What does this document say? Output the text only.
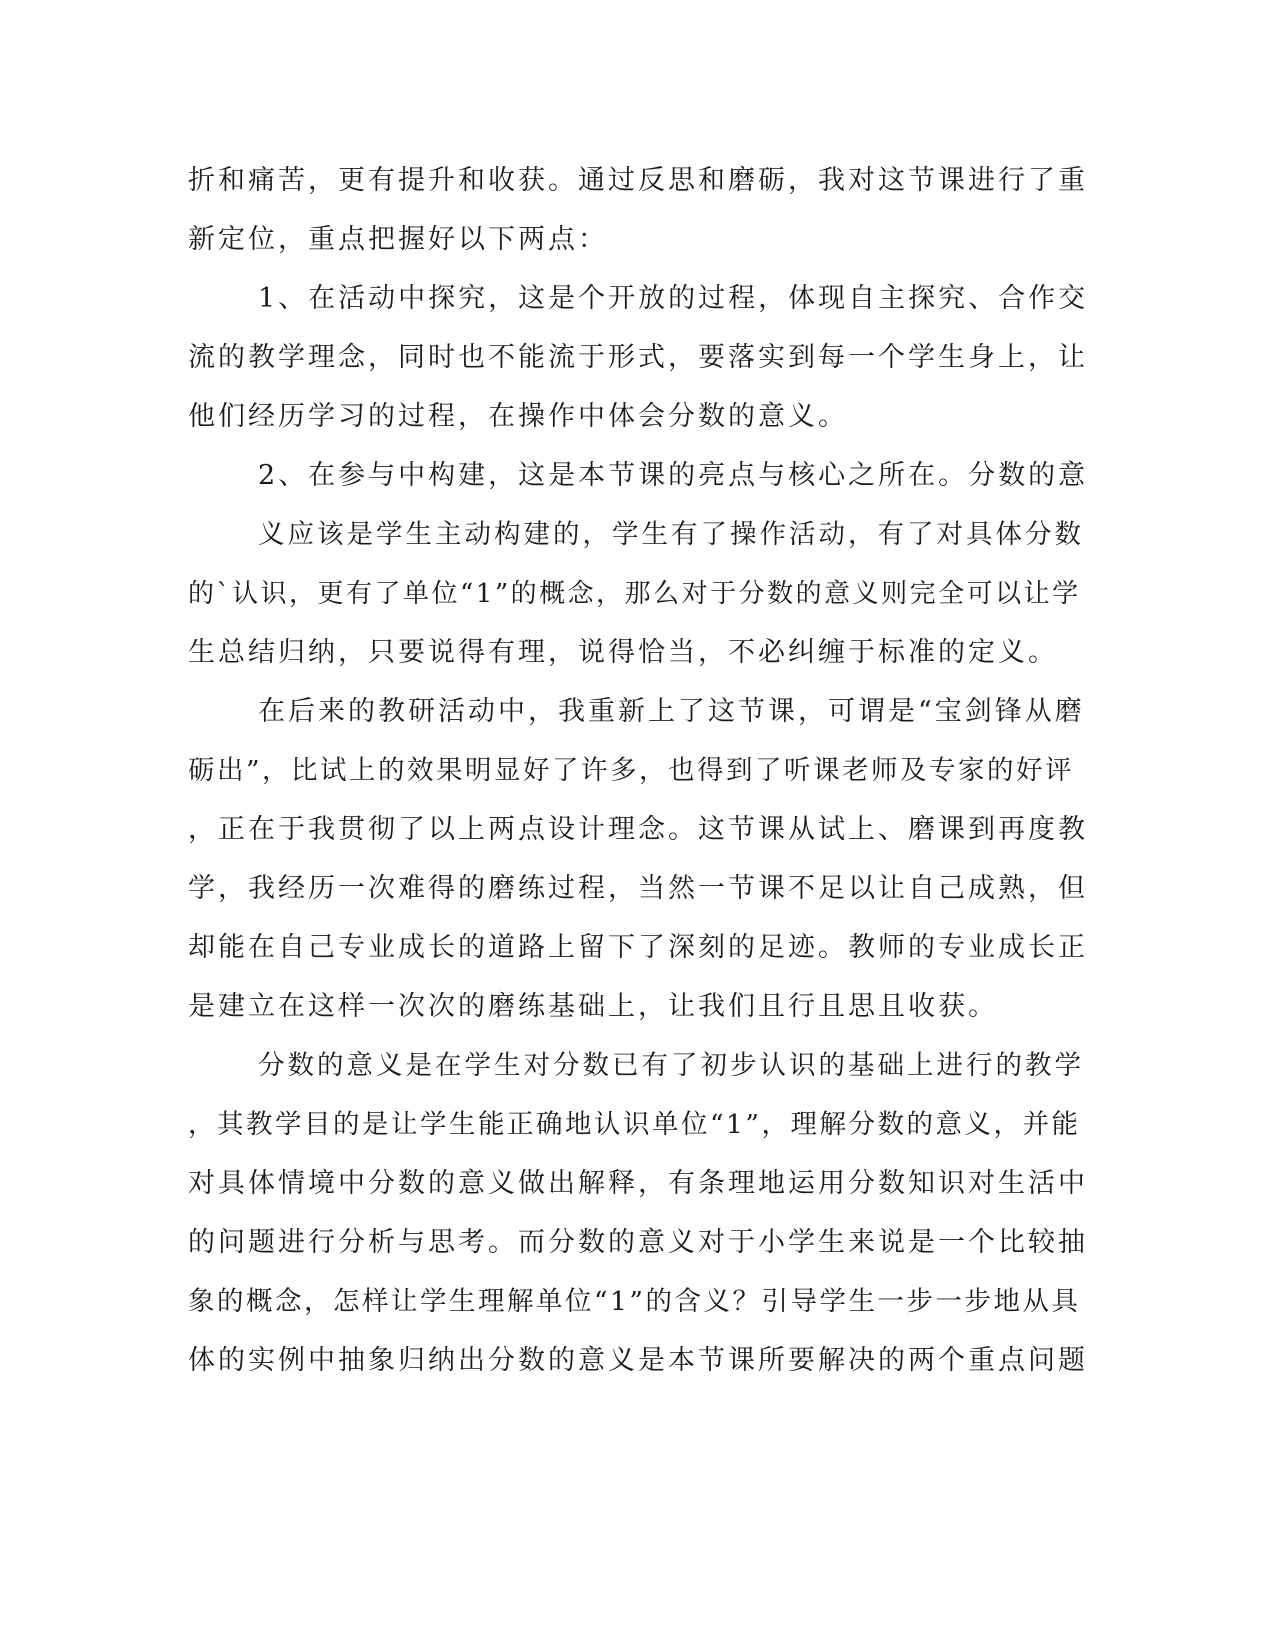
折和痛苦，更有提升和收获。通过反思和磨砺，我对这节课进行了重
新定位，重点把握好以下两点：
1、在活动中探究，这是个开放的过程，体现自主探究、合作交
流的教学理念，同时也不能流于形式，要落实到每一个学生身上，让
他们经历学习的过程，在操作中体会分数的意义。
2、在参与中构建，这是本节课的亮点与核心之所在。分数的意
义应该是学生主动构建的，学生有了操作活动，有了对具体分数
的`认识，更有了单位“1”的概念，那么对于分数的意义则完全可以让学
生总结归纳，只要说得有理，说得恰当，不必纠缠于标准的定义。
在后来的教研活动中，我重新上了这节课，可谓是“宝剑锋从磨
砺出”，比试上的效果明显好了许多，也得到了听课老师及专家的好评
，正在于我贯彻了以上两点设计理念。这节课从试上、磨课到再度教
学，我经历一次难得的磨练过程，当然一节课不足以让自己成熟，但
却能在自己专业成长的道路上留下了深刻的足迹。教师的专业成长正
是建立在这样一次次的磨练基础上，让我们且行且思且收获。
分数的意义是在学生对分数已有了初步认识的基础上进行的教学
，其教学目的是让学生能正确地认识单位“1”，理解分数的意义，并能
对具体情境中分数的意义做出解释，有条理地运用分数知识对生活中
的问题进行分析与思考。而分数的意义对于小学生来说是一个比较抽
象的概念，怎样让学生理解单位“1”的含义？引导学生一步一步地从具
体的实例中抽象归纳出分数的意义是本节课所要解决的两个重点问题
